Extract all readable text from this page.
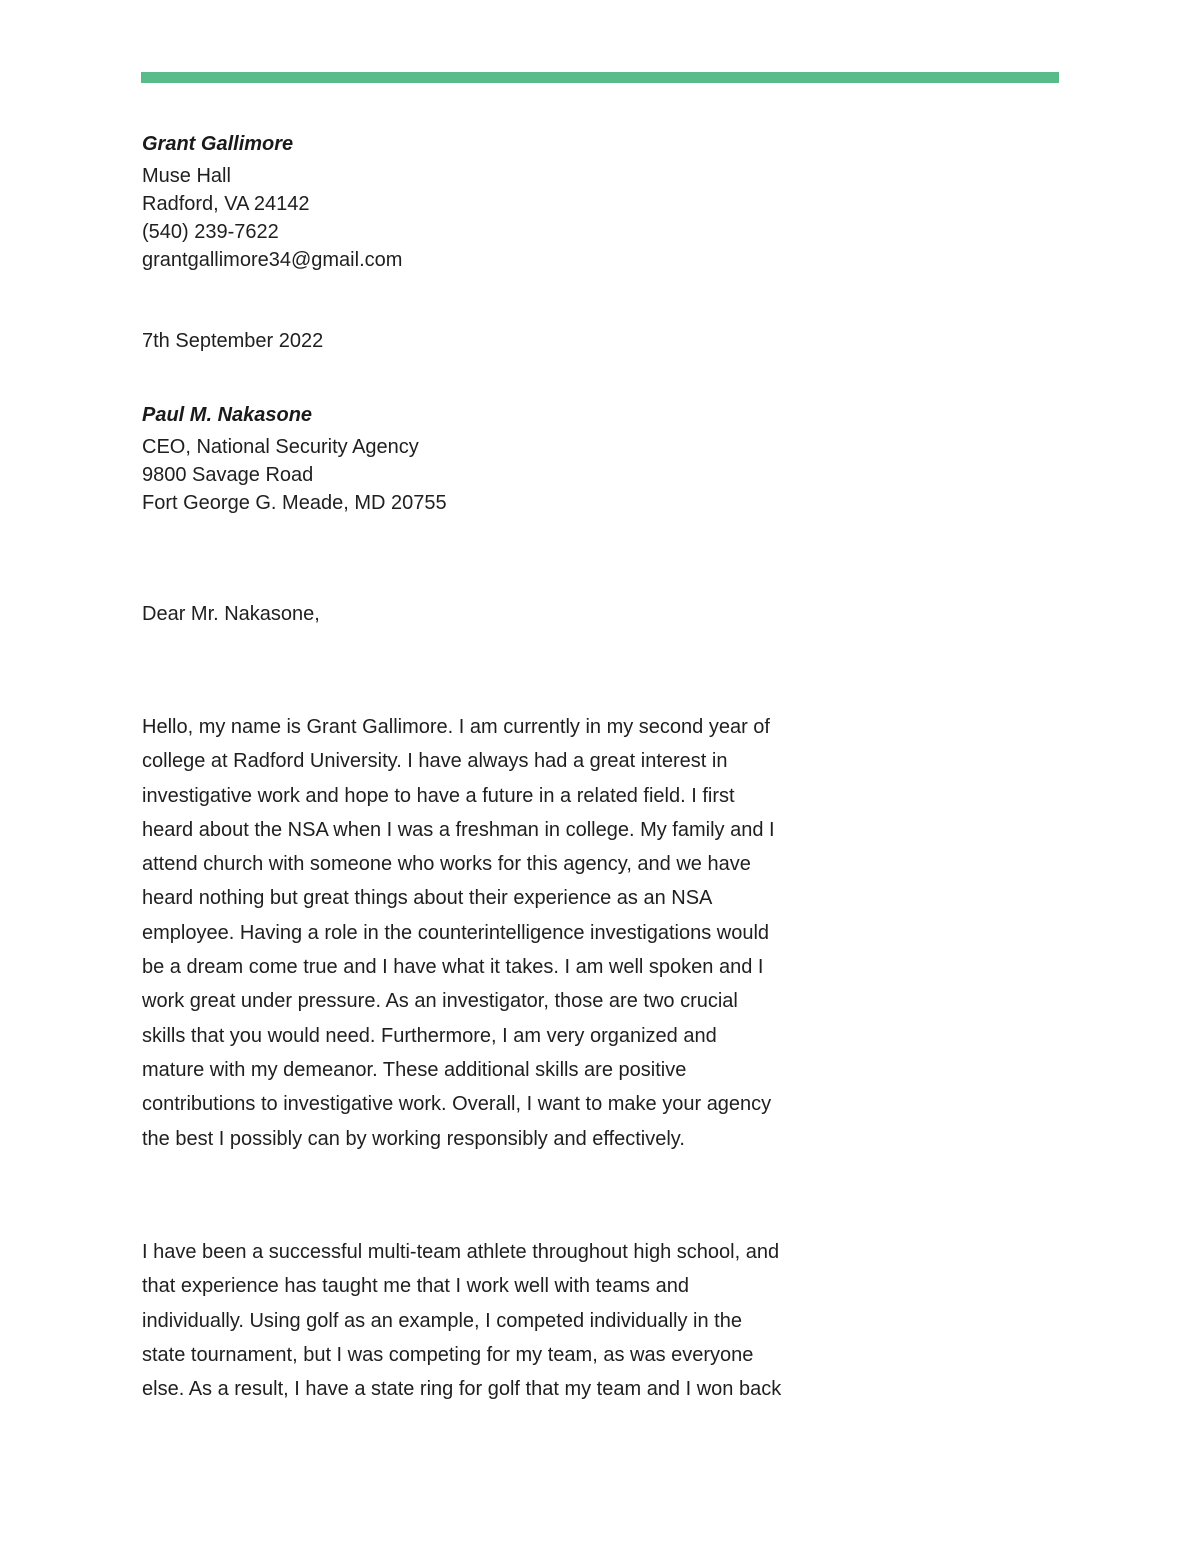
Grant Gallimore
Muse Hall
Radford, VA 24142
(540) 239-7622
grantgallimore34@gmail.com
7th September 2022
Paul M. Nakasone
CEO, National Security Agency
9800 Savage Road
Fort George G. Meade, MD 20755
Dear Mr. Nakasone,
Hello, my name is Grant Gallimore. I am currently in my second year of
college at Radford University. I have always had a great interest in
investigative work and hope to have a future in a related field. I first
heard about the NSA when I was a freshman in college. My family and I
attend church with someone who works for this agency, and we have
heard nothing but great things about their experience as an NSA
employee. Having a role in the counterintelligence investigations would
be a dream come true and I have what it takes. I am well spoken and I
work great under pressure. As an investigator, those are two crucial
skills that you would need. Furthermore, I am very organized and
mature with my demeanor. These additional skills are positive
contributions to investigative work. Overall, I want to make your agency
the best I possibly can by working responsibly and effectively.
I have been a successful multi-team athlete throughout high school, and
that experience has taught me that I work well with teams and
individually. Using golf as an example, I competed individually in the
state tournament, but I was competing for my team, as was everyone
else. As a result, I have a state ring for golf that my team and I won back
